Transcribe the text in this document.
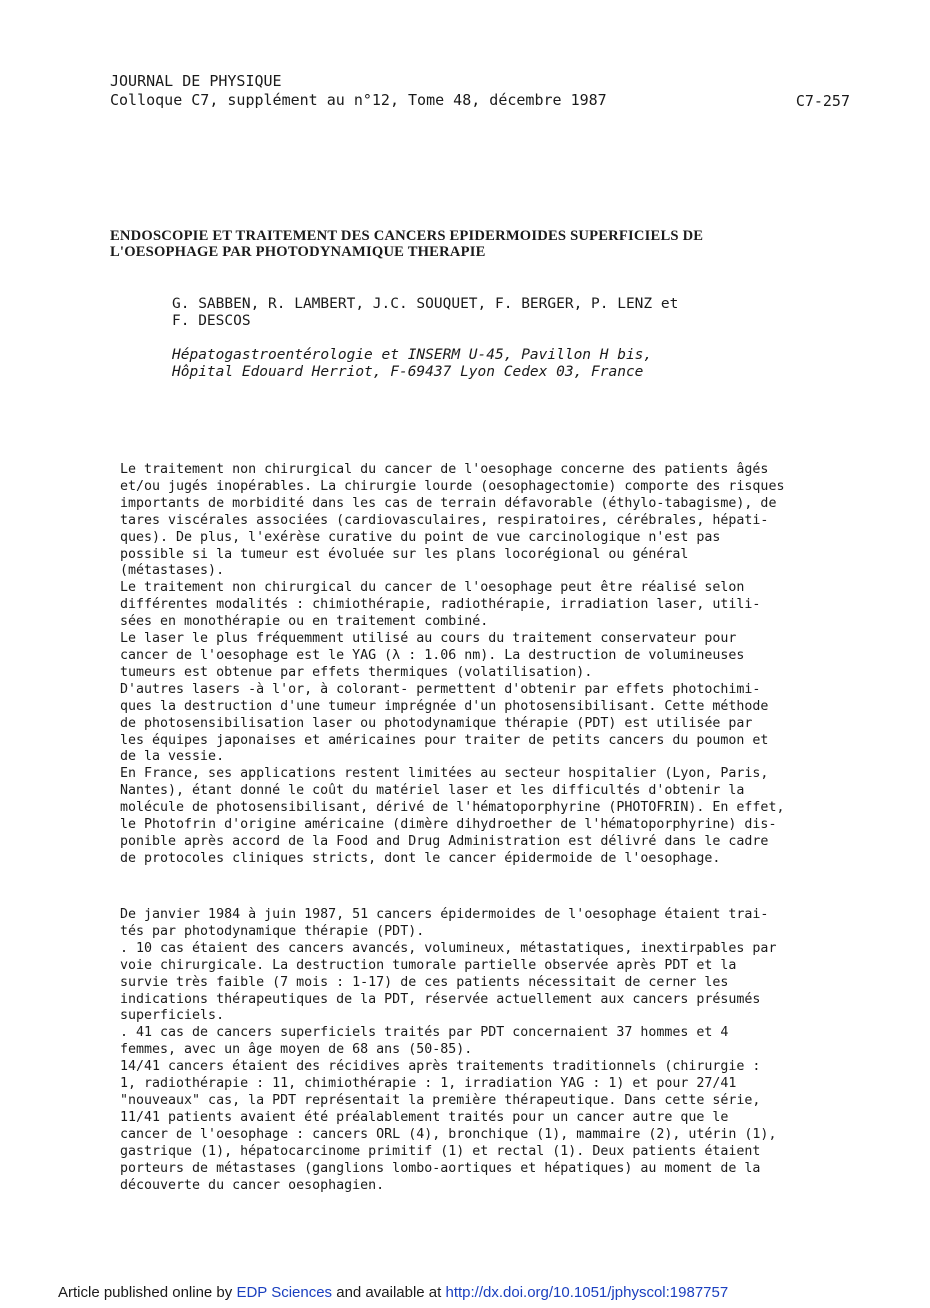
JOURNAL DE PHYSIQUE
Colloque C7, supplément au n°12, Tome 48, décembre 1987	C7-257
ENDOSCOPIE ET TRAITEMENT DES CANCERS EPIDERMOIDES SUPERFICIELS DE
L'OESOPHAGE PAR PHOTODYNAMIQUE THERAPIE
G. SABBEN, R. LAMBERT, J.C. SOUQUET, F. BERGER, P. LENZ et
F. DESCOS
Hépatogastroentérologie et INSERM U-45, Pavillon H bis,
Hôpital Edouard Herriot, F-69437 Lyon Cedex 03, France
Le traitement non chirurgical du cancer de l'oesophage concerne des patients âgés
et/ou jugés inopérables. La chirurgie lourde (oesophagectomie) comporte des risques
importants de morbidité dans les cas de terrain défavorable (éthylo-tabagisme), de
tares viscérales associées (cardiovasculaires, respiratoires, cérébrales, hépati-
ques). De plus, l'exérèse curative du point de vue carcinologique n'est pas
possible si la tumeur est évoluée sur les plans locorégional ou général
(métastases).
Le traitement non chirurgical du cancer de l'oesophage peut être réalisé selon
différentes modalités : chimiothérapie, radiothérapie, irradiation laser, utili-
sées en monothérapie ou en traitement combiné.
Le laser le plus fréquemment utilisé au cours du traitement conservateur pour
cancer de l'oesophage est le YAG (λ : 1.06 nm). La destruction de volumineuses
tumeurs est obtenue par effets thermiques (volatilisation).
D'autres lasers -à l'or, à colorant- permettent d'obtenir par effets photochimi-
ques la destruction d'une tumeur imprégnée d'un photosensibilisant. Cette méthode
de photosensibilisation laser ou photodynamique thérapie (PDT) est utilisée par
les équipes japonaises et américaines pour traiter de petits cancers du poumon et
de la vessie.
En France, ses applications restent limitées au secteur hospitalier (Lyon, Paris,
Nantes), étant donné le coût du matériel laser et les difficultés d'obtenir la
molécule de photosensibilisant, dérivé de l'hématoporphyrine (PHOTOFRIN). En effet,
le Photofrin d'origine américaine (dimère dihydroether de l'hématoporphyrine) dis-
ponible après accord de la Food and Drug Administration est délivré dans le cadre
de protocoles cliniques stricts, dont le cancer épidermoide de l'oesophage.
De janvier 1984 à juin 1987, 51 cancers épidermoides de l'oesophage étaient trai-
tés par photodynamique thérapie (PDT).
. 10 cas étaient des cancers avancés, volumineux, métastatiques, inextirpables par
voie chirurgicale. La destruction tumorale partielle observée après PDT et la
survie très faible (7 mois : 1-17) de ces patients nécessitait de cerner les
indications thérapeutiques de la PDT, réservée actuellement aux cancers présumés
superficiels.
. 41 cas de cancers superficiels traités par PDT concernaient 37 hommes et 4
femmes, avec un âge moyen de 68 ans (50-85).
14/41 cancers étaient des récidives après traitements traditionnels (chirurgie :
1, radiothérapie : 11, chimiothérapie : 1, irradiation YAG : 1) et pour 27/41
"nouveaux" cas, la PDT représentait la première thérapeutique. Dans cette série,
11/41 patients avaient été préalablement traités pour un cancer autre que le
cancer de l'oesophage : cancers ORL (4), bronchique (1), mammaire (2), utérin (1),
gastrique (1), hépatocarcinome primitif (1) et rectal (1). Deux patients étaient
porteurs de métastases (ganglions lombo-aortiques et hépatiques) au moment de la
découverte du cancer oesophagien.
Article published online by EDP Sciences and available at http://dx.doi.org/10.1051/jphyscol:1987757
